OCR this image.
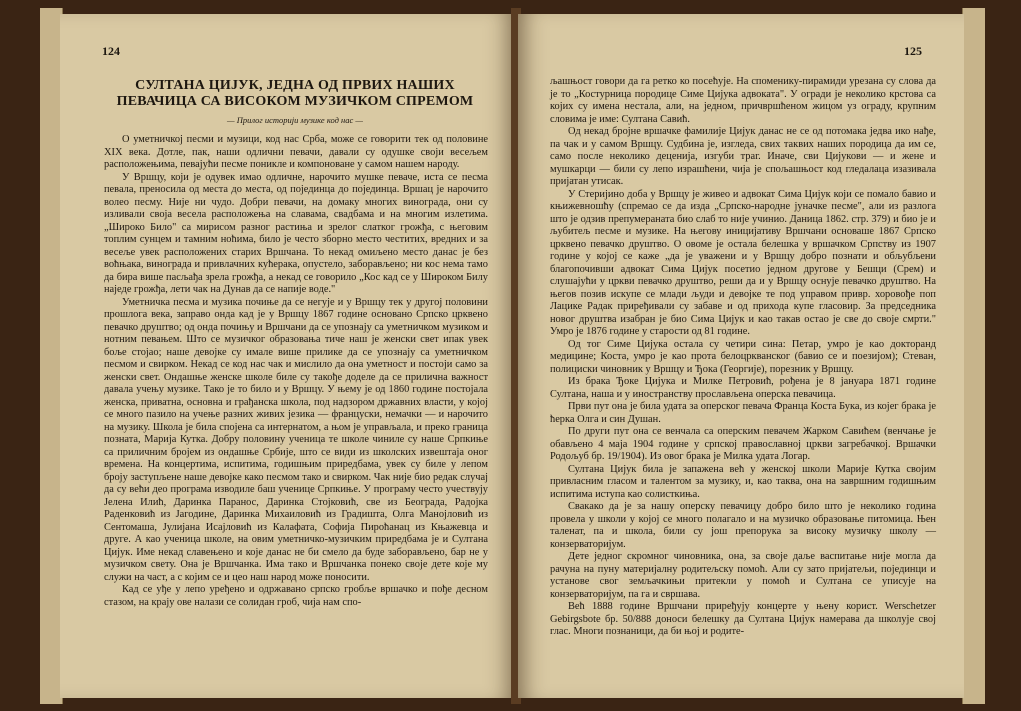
124
СУЛТАНА ЦИЈУК, ЈЕДНА ОД ПРВИХ НАШИХ ПЕВАЧИЦА СА ВИСОКОМ МУЗИЧКОМ СПРЕМОМ
— Прилог историји музике код нас —

О уметничкој песми и музици, код нас Срба, може се говорити тек од половине XIX века. Дотле, пак, наши одлични певачи, давали су одушке своји весељем расположењима, певајући песме поникле и компоноване у самом нашем народу.

У Вршцу, који је одувек имао одличне, нарочито мушке певаче, иста се песма певала, преносила од места до места, од појединца до појединца. Вршац је нарочито волео песму. Није ни чудо. Добри певачи, на домаку многих винограда, они су изливали своја весела расположења на славама, свадбама и на многим излетима. „Широко Било" са мирисом разног растиња и зрелог слатког грожђа, с његовим топлим сунцем и тамним ноћима, било је често зборно место честитих, вредних и за весеље увек расположених старих Вршчана. То некад омиљено место данас је без воћњака, винограда и привлачних кућерака, опустело, заборављено; ни кос нема тамо да бира више пасљађа зрела грожђа, а некад се говорило „Кос кад се у Широком Билу наједе грожђа, лети чак на Дунав да се напије воде."

Уметничка песма и музика почиње да се негује и у Вршцу тек у другој половини прошлога века, заправо онда кад је у Вршцу 1867 године основано Српско црквено певачко друштво; од онда почињу и Вршчани да се упознају са уметничком музиком и нотним певањем. Што се музичког образовања тиче наш је женски свет ипак увек боље стојао; наше девојке су имале више прилике да се упознају са уметничком песмом и свирком. Некад се код нас чак и мислило да она уметност и постоји само за женски свет. Ондашње женске школе биле су такође доделе да се прилична важност давала учењу музике. Тако је то било и у Вршцу. У њему је од 1860 године постојала женска, приватна, основна и грађанска школа, под надзором државних власти, у којој се много пазило на учење разних живих језика — француски, немачки — и нарочито на музику. Школа је била спојена са интернатом, а њом је управљала, и преко граница позната, Марија Кутка. Добру половину ученица те школе чиниле су наше Српкиње са приличним бројем из ондашње Србије, што се види из школских извештаја оног времена. На концертима, испитима, годишњим приредбама, увек су биле у лепом броју заступљене наше девојке како песмом тако и свирком. Чак није био редак случај да су већи део програма изводиле баш ученице Српкиње. У програму често учествују Јелена Илић, Даринка Паранос, Даринка Стојковић, све из Београда, Радојка Раденковић из Јагодине, Даринка Михаиловић из Градишта, Олга Манојловић из Сентомаша, Јулијана Исајловић из Калафата, Софија Пироћанац из Књажевца и друге. А као ученица школе, на овим уметничко-музичким приредбама је и Султана Цијук. Име некад славењено и које данас не би смело да буде заборављено, бар не у музичком свету. Она је Вршчанка. Има тако и Вршчанка понеко своје дете које му служи на част, а с којим се и цео наш народ може поносити.

Кад се уђе у лепо уређено и одржавано српско гробље вршачко и пође десном стазом, на крају ове налази се солидан гроб, чија нам спо-

125

љашњост говори да га ретко ко посећује. На споменику-пирамиди урезана су слова да је то „Костурница породице Симе Цијука адвоката". У огради је неколико крстова са којих су имена нестала, али, на једном, причвршћеном жицом уз ограду, крупним словима је име: Султана Савић.

Од некад бројне вршачке фамилије Цијук данас не се од потомака једва ико нађе, па чак и у самом Вршцу. Судбина је, изгледа, свих таквих наших породица да им се, само после неколико деценија, изгуби траг. Иначе, сви Цијукови — и жене и мушкарци — били су лепо израшћени, чија је спољашњост код гледалаца изазивала пријатан утисак.

У Стеријино доба у Вршцу је живео и адвокат Сима Цијук који се помало бавио и књижевношћу (спремао се да изда „Српско-народне јуначке песме", али из разлога што је одзив препумераната био слаб то није учинио. Даница 1862. стр. 379) и био је и љубитељ песме и музике. На његову иницијативу Вршчани основаше 1867 Српско црквено певачко друштво. О овоме је остала белешка у вршачком Српству из 1907 године у којој се каже „да је уважени и у Вршцу добро познати и обљубљени благопочивши адвокат Сима Цијук посетио једном другове у Бешци (Срем) и слушајући у цркви певачко друштво, реши да и у Вршцу оснује певачко друштво. На његов позив искупе се млади људи и девојке те под управом привр. хоровође поп Лацике Радак приређивали су забаве и од прихода купе гласовир. За председника новог друштва изабран је био Сима Цијук и као такав остао је све до своје смрти." Умро је 1876 године у старости од 81 године.

Од тог Симе Цијука остала су четири сина: Петар, умро је као докторанд медицине; Коста, умро је као прота белоцркванског (бавио се и поезијом); Стеван, полициски чиновник у Вршцу и Ђока (Георгије), порезник у Вршцу.

Из брака Ђоке Цијука и Милке Петровић, рођена је 8 јануара 1871 године Султана, наша и у иностранству прослављена оперска певачица.

Први пут она је била удата за оперског певача Франца Коста Бука, из којег брака је ћерка Олга и син Душан.

По други пут она се венчала са оперским певачем Жарком Савићем (венчање је обављено 4 маја 1904 године у српској православној цркви загребачкој. Вршачки Родољуб бр. 19/1904). Из овог брака је Милка удата Логар.

Султана Цијук била је запажена већ у женској школи Марије Кутка својим привласним гласом и талентом за музику, и, као таква, она на завршним годишњим испитима иступа као солисткиња.

Свакако да је за нашу оперску певачицу добро било што је неколико година провела у школи у којој се много полагало и на музичко образовање питомица. Њен таленат, па и школа, били су још препорука за високу музичку школу — конзерваторијум.

Дете једног скромног чиновника, она, за своје даље васпитање није могла да рачуна на пуну материјалну родитељску помоћ. Али су зато пријатељи, појединци и установе свог земљачкињи притекли у помоћ и Султана се уписује на конзерваторијум, па га и свршава.

Већ 1888 године Вршчани приређују концерте у њену корист. Werschetzer Gebirgsbote бр. 50/888 доноси белешку да Султана Цијук намерава да школује свој глас. Многи познаници, да би њој и родите-
